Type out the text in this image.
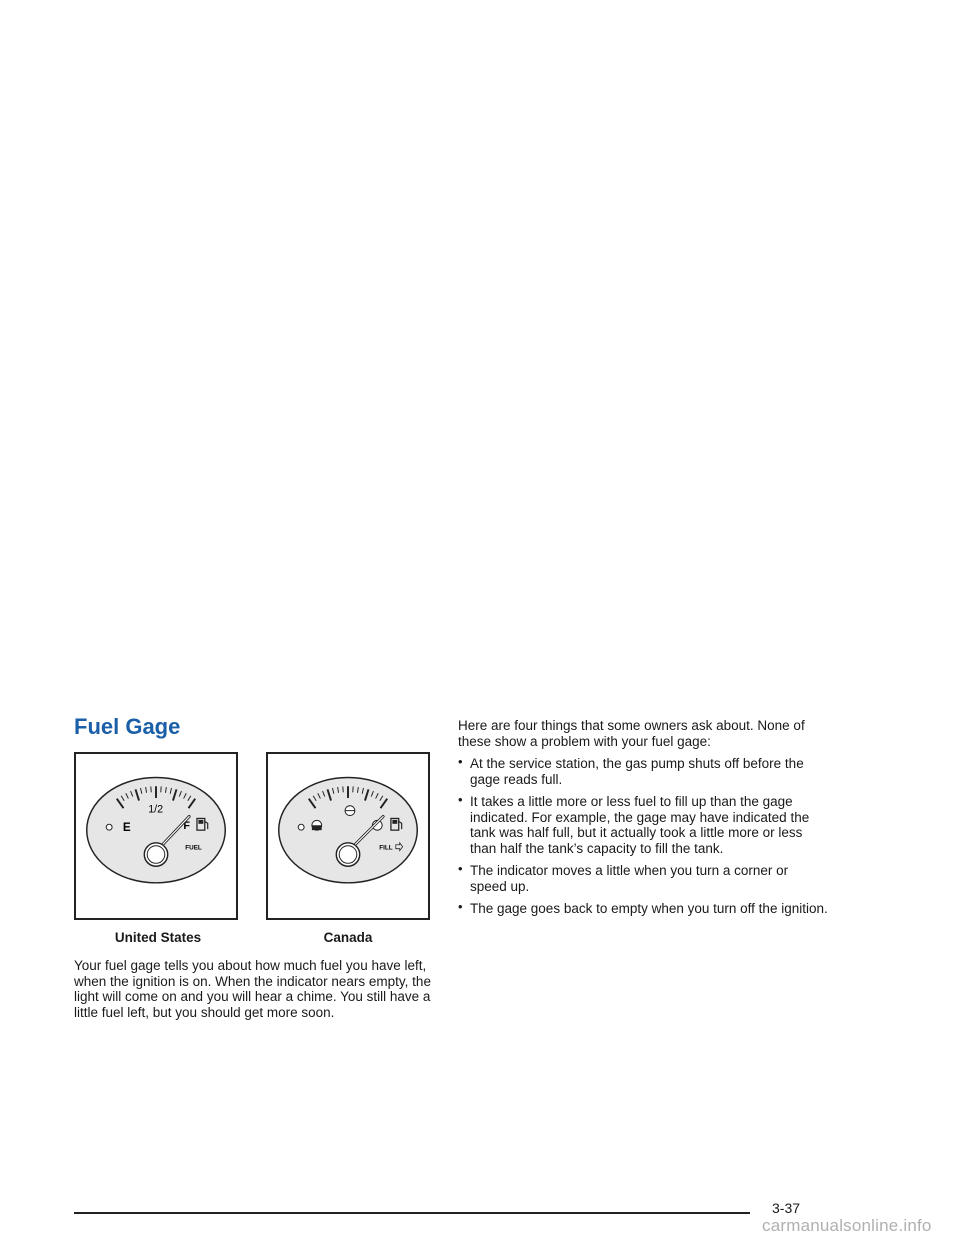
Fuel Gage
E
1/2
F
FUEL
United States
FILL
Canada

Your fuel gage tells you about how much fuel you have left, when the ignition is on. When the indicator nears empty, the light will come on and you will hear a chime. You still have a little fuel left, but you should get more soon.

Here are four things that some owners ask about. None of these show a problem with your fuel gage:

• At the service station, the gas pump shuts off before the gage reads full.
• It takes a little more or less fuel to fill up than the gage indicated. For example, the gage may have indicated the tank was half full, but it actually took a little more or less than half the tank’s capacity to fill the tank.
• The indicator moves a little when you turn a corner or speed up.
• The gage goes back to empty when you turn off the ignition.
3-37
carmanualsonline.info
